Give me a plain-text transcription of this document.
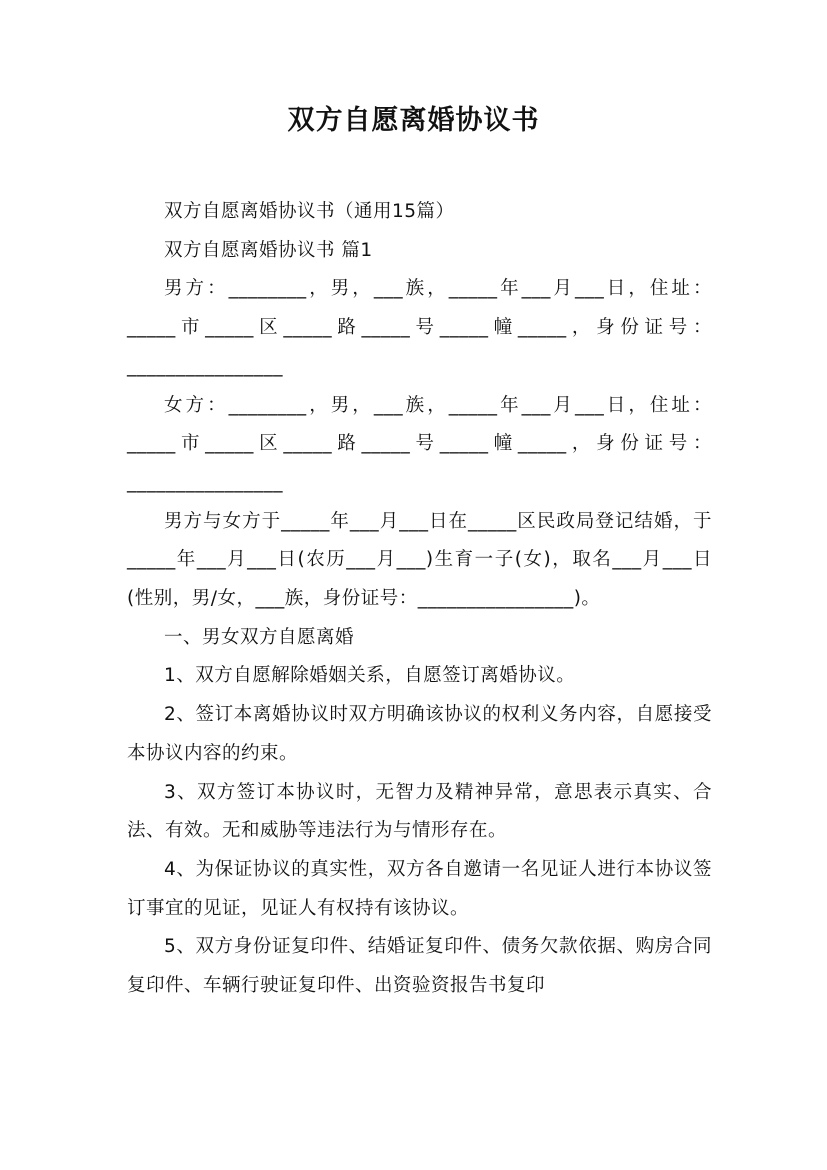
双方自愿离婚协议书

双方自愿离婚协议书（通用15篇）

双方自愿离婚协议书 篇1

男方：________，男，___族，_____年___月___日，住址：_____市_____区_____路_____号_____幢_____，身份证号：________________

女方：________，男，___族，_____年___月___日，住址：_____市_____区_____路_____号_____幢_____，身份证号：________________

男方与女方于_____年___月___日在_____区民政局登记结婚，于_____年___月___日(农历___月___)生育一子(女)，取名___月___日(性别，男/女，___族，身份证号：________________)。

一、男女双方自愿离婚

1、双方自愿解除婚姻关系，自愿签订离婚协议。

2、签订本离婚协议时双方明确该协议的权利义务内容，自愿接受本协议内容的约束。

3、双方签订本协议时，无智力及精神异常，意思表示真实、合法、有效。无和威胁等违法行为与情形存在。

4、为保证协议的真实性，双方各自邀请一名见证人进行本协议签订事宜的见证，见证人有权持有该协议。

5、双方身份证复印件、结婚证复印件、债务欠款依据、购房合同复印件、车辆行驶证复印件、出资验资报告书复印
